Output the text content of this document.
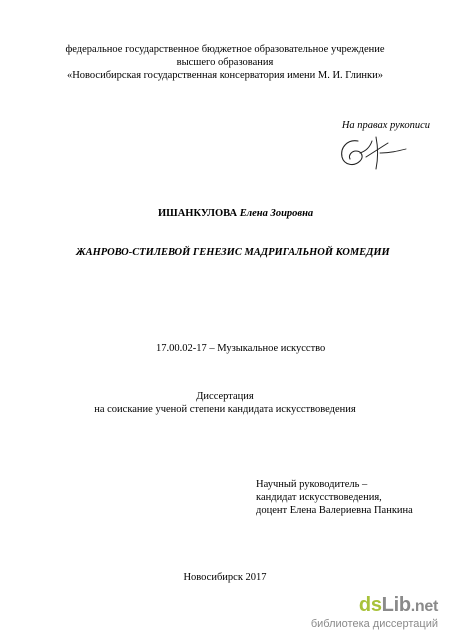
федеральное государственное бюджетное образовательное учреждение
высшего образования
«Новосибирская государственная консерватория имени М. И. Глинки»
На правах рукописи
ИШАНКУЛОВА Елена Зоировна
ЖАНРОВО-СТИЛЕВОЙ ГЕНЕЗИС МАДРИГАЛЬНОЙ КОМЕДИИ
17.00.02-17 – Музыкальное искусство
Диссертация
на соискание ученой степени кандидата искусствоведения
Научный руководитель –
кандидат искусствоведения,
доцент Елена Валериевна Панкина
Новосибирск 2017
dsLib.net
библиотека диссертаций
